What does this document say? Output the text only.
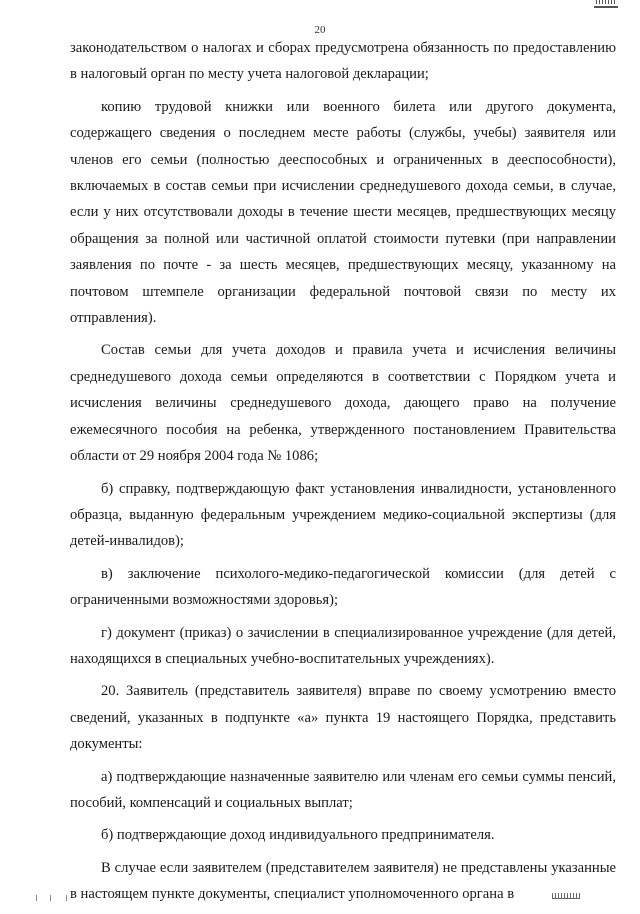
20

законодательством о налогах и сборах предусмотрена обязанность по предоставлению в налоговый орган по месту учета налоговой декларации;

копию трудовой книжки или военного билета или другого документа, содержащего сведения о последнем месте работы (службы, учебы) заявителя или членов его семьи (полностью дееспособных и ограниченных в дееспособности), включаемых в состав семьи при исчислении среднедушевого дохода семьи, в случае, если у них отсутствовали доходы в течение шести месяцев, предшествующих месяцу обращения за полной или частичной оплатой стоимости путевки (при направлении заявления по почте - за шесть месяцев, предшествующих месяцу, указанному на почтовом штемпеле организации федеральной почтовой связи по месту их отправления).

Состав семьи для учета доходов и правила учета и исчисления величины среднедушевого дохода семьи определяются в соответствии с Порядком учета и исчисления величины среднедушевого дохода, дающего право на получение ежемесячного пособия на ребенка, утвержденного постановлением Правительства области от 29 ноября 2004 года № 1086;

б) справку, подтверждающую факт установления инвалидности, установленного образца, выданную федеральным учреждением медико-социальной экспертизы (для детей-инвалидов);

в) заключение психолого-медико-педагогической комиссии (для детей с ограниченными возможностями здоровья);

г) документ (приказ) о зачислении в специализированное учреждение (для детей, находящихся в специальных учебно-воспитательных учреждениях).

20. Заявитель (представитель заявителя) вправе по своему усмотрению вместо сведений, указанных в подпункте «а» пункта 19 настоящего Порядка, представить документы:

а) подтверждающие назначенные заявителю или членам его семьи суммы пенсий, пособий, компенсаций и социальных выплат;

б) подтверждающие доход индивидуального предпринимателя.

В случае если заявителем (представителем заявителя) не представлены указанные в настоящем пункте документы, специалист уполномоченного органа в
